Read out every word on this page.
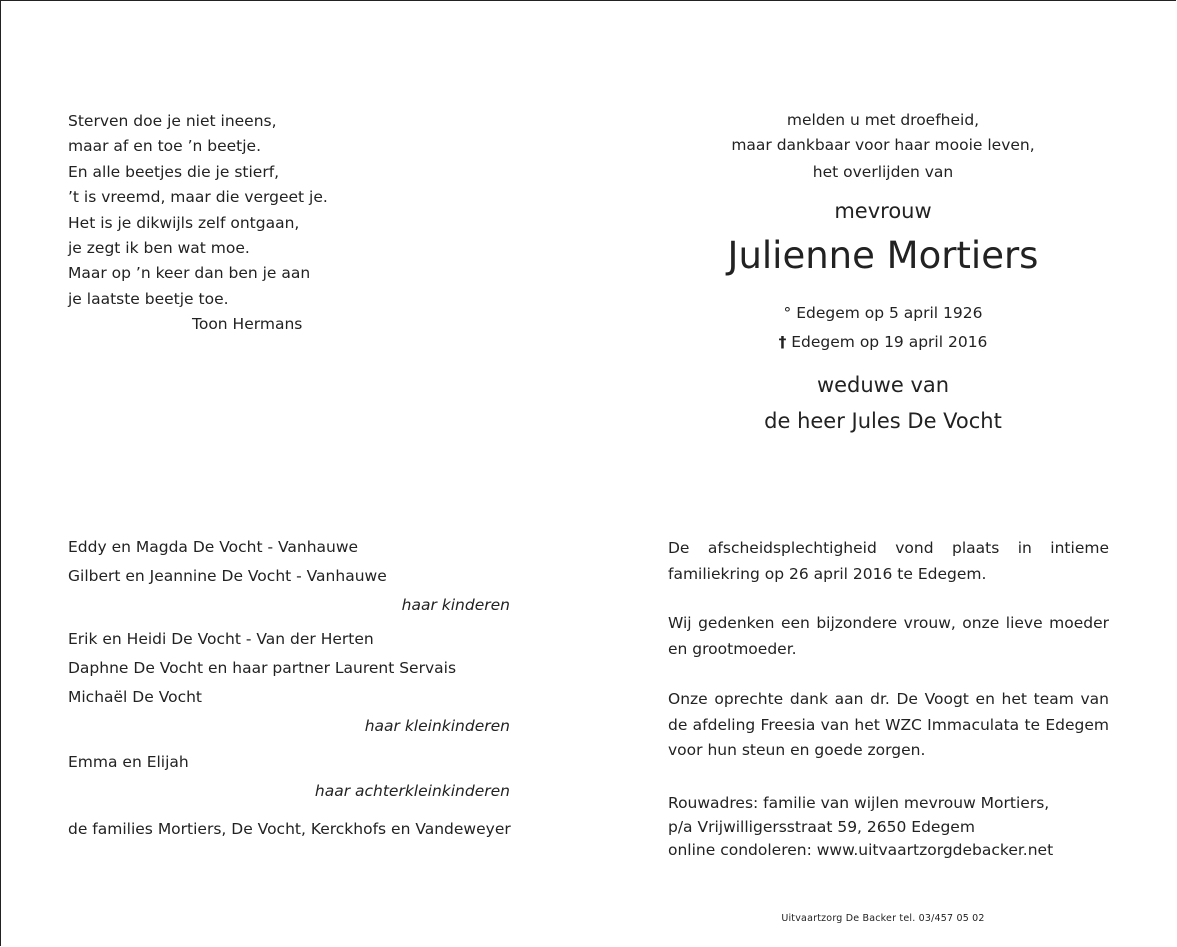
Sterven doe je niet ineens,
maar af en toe ’n beetje.
En alle beetjes die je stierf,
’t is vreemd, maar die vergeet je.
Het is je dikwijls zelf ontgaan,
je zegt ik ben wat moe.
Maar op ’n keer dan ben je aan
je laatste beetje toe.
Toon Hermans
melden u met droefheid,
maar dankbaar voor haar mooie leven,
het overlijden van
mevrouw
Julienne Mortiers
° Edegem op 5 april 1926
† Edegem op 19 april 2016
weduwe van
de heer Jules De Vocht
Eddy en Magda De Vocht - Vanhauwe
Gilbert en Jeannine De Vocht - Vanhauwe
haar kinderen
Erik en Heidi De Vocht - Van der Herten
Daphne De Vocht en haar partner Laurent Servais
Michaël De Vocht
haar kleinkinderen
Emma en Elijah
haar achterkleinkinderen
de families Mortiers, De Vocht, Kerckhofs en Vandeweyer

De afscheidsplechtigheid vond plaats in intieme familiekring op 26 april 2016 te Edegem.

Wij gedenken een bijzondere vrouw, onze lieve moeder en grootmoeder.

Onze oprechte dank aan dr. De Voogt en het team van de afdeling Freesia van het WZC Immaculata te Edegem voor hun steun en goede zorgen.

Rouwadres: familie van wijlen mevrouw Mortiers,
p/a Vrijwilligersstraat 59, 2650 Edegem
online condoleren: www.uitvaartzorgdebacker.net
Uitvaartzorg De Backer tel. 03/457 05 02
